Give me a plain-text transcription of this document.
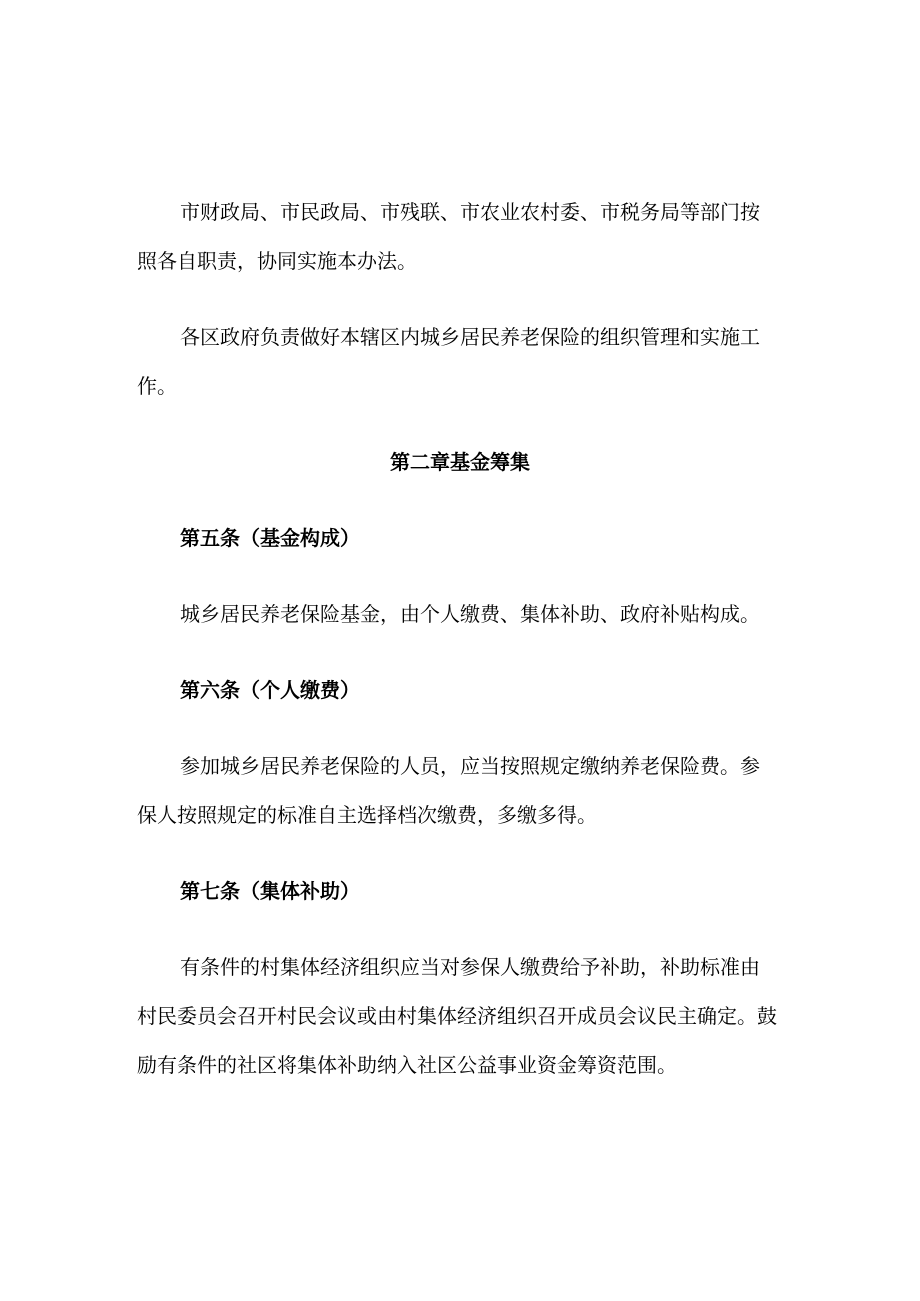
市财政局、市民政局、市残联、市农业农村委、市税务局等部门按

照各自职责，协同实施本办法。

各区政府负责做好本辖区内城乡居民养老保险的组织管理和实施工

作。

第二章基金筹集

第五条（基金构成）

城乡居民养老保险基金，由个人缴费、集体补助、政府补贴构成。

第六条（个人缴费）

参加城乡居民养老保险的人员，应当按照规定缴纳养老保险费。参

保人按照规定的标准自主选择档次缴费，多缴多得。

第七条（集体补助）

有条件的村集体经济组织应当对参保人缴费给予补助，补助标准由

村民委员会召开村民会议或由村集体经济组织召开成员会议民主确定。鼓

励有条件的社区将集体补助纳入社区公益事业资金筹资范围。
